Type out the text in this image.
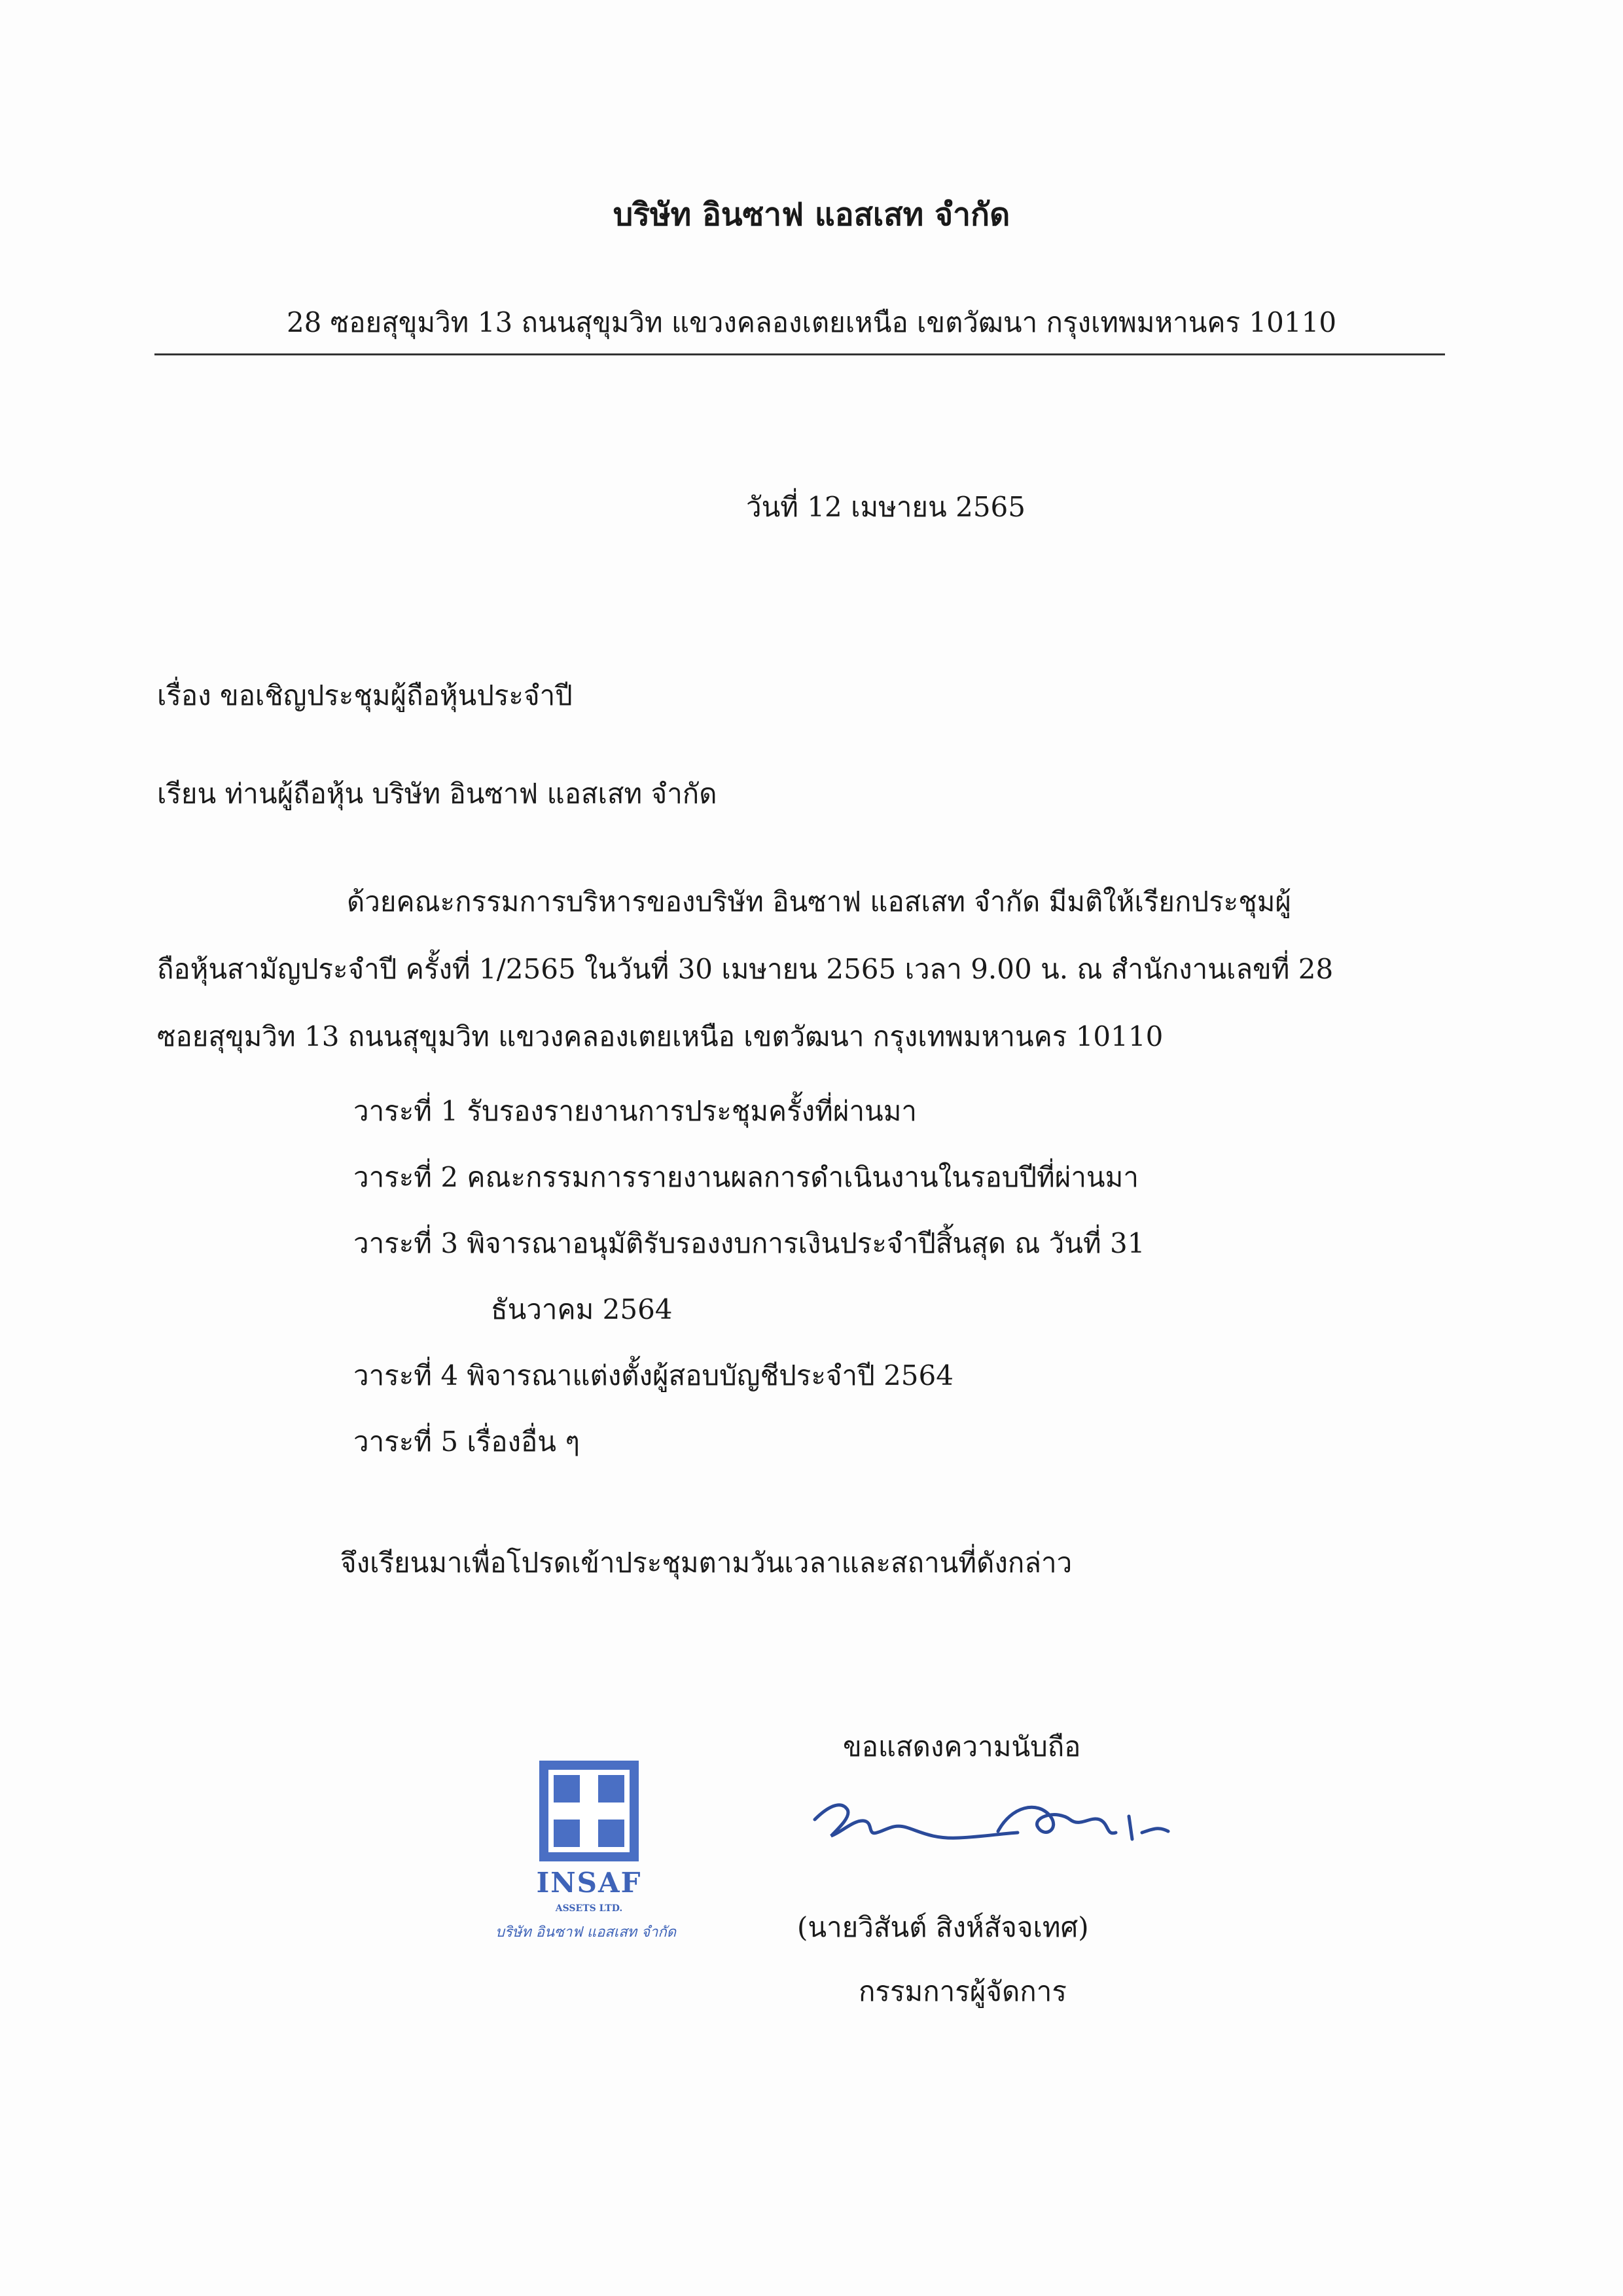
บริษัท อินซาฟ แอสเสท จำกัด
28 ซอยสุขุมวิท 13 ถนนสุขุมวิท แขวงคลองเตยเหนือ เขตวัฒนา กรุงเทพมหานคร 10110
วันที่ 12 เมษายน 2565
เรื่อง ขอเชิญประชุมผู้ถือหุ้นประจำปี
เรียน ท่านผู้ถือหุ้น บริษัท อินซาฟ แอสเสท จำกัด
ด้วยคณะกรรมการบริหารของบริษัท อินซาฟ แอสเสท จำกัด มีมติให้เรียกประชุมผู้
ถือหุ้นสามัญประจำปี ครั้งที่ 1/2565 ในวันที่ 30 เมษายน 2565 เวลา 9.00 น. ณ สำนักงานเลขที่ 28
ซอยสุขุมวิท 13 ถนนสุขุมวิท แขวงคลองเตยเหนือ เขตวัฒนา กรุงเทพมหานคร 10110
วาระที่ 1 รับรองรายงานการประชุมครั้งที่ผ่านมา
วาระที่ 2 คณะกรรมการรายงานผลการดำเนินงานในรอบปีที่ผ่านมา
วาระที่ 3 พิจารณาอนุมัติรับรองงบการเงินประจำปีสิ้นสุด ณ วันที่ 31
ธันวาคม 2564
วาระที่ 4 พิจารณาแต่งตั้งผู้สอบบัญชีประจำปี 2564
วาระที่ 5 เรื่องอื่น ๆ
จึงเรียนมาเพื่อโปรดเข้าประชุมตามวันเวลาและสถานที่ดังกล่าว
ขอแสดงความนับถือ
(นายวิสันต์ สิงห์สัจจเทศ)
กรรมการผู้จัดการ
INSAF
ASSETS LTD.
บริษัท อินซาฟ แอสเสท จำกัด
